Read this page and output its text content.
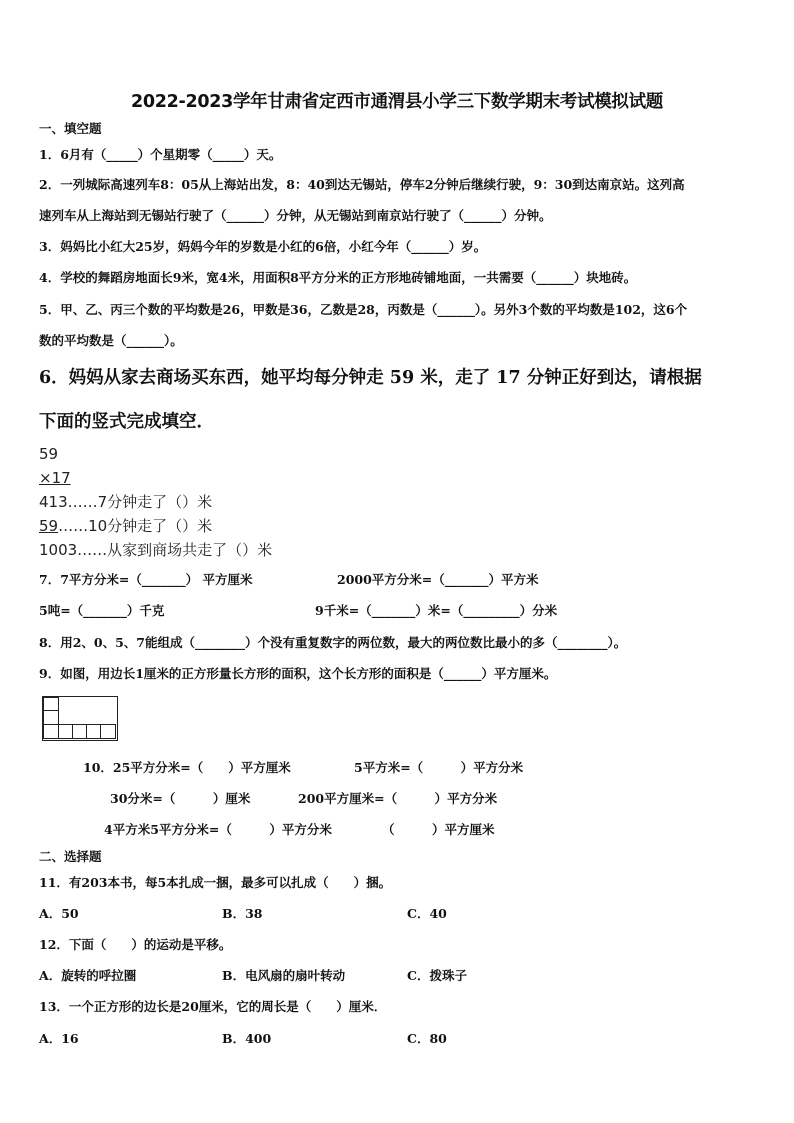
2022-2023学年甘肃省定西市通渭县小学三下数学期末考试模拟试题
一、填空题
1．6月有（_____）个星期零（_____）天。
2．一列城际高速列车8：05从上海站出发，8：40到达无锡站，停车2分钟后继续行驶，9：30到达南京站。这列高
速列车从上海站到无锡站行驶了（______）分钟，从无锡站到南京站行驶了（______）分钟。
3．妈妈比小红大25岁，妈妈今年的岁数是小红的6倍，小红今年（______）岁。
4．学校的舞蹈房地面长9米，宽4米，用面积8平方分米的正方形地砖铺地面，一共需要（______）块地砖。
5．甲、乙、丙三个数的平均数是26，甲数是36，乙数是28，丙数是（______）。另外3个数的平均数是102，这6个
数的平均数是（______）。
6．妈妈从家去商场买东西，她平均每分钟走 59 米，走了 17 分钟正好到达，请根据
下面的竖式完成填空．
59
×17
413……7分钟走了（）米
59……10分钟走了（）米
1003……从家到商场共走了（）米
7．7平方分米=（_______） 平方厘米	2000平方分米=（_______）平方米
5吨=（_______）千克	9千米=（_______）米=（_________）分米
8．用2、0、5、7能组成（________）个没有重复数字的两位数，最大的两位数比最小的多（________）。
9．如图，用边长1厘米的正方形量长方形的面积，这个长方形的面积是（______）平方厘米。
10．25平方分米=（　　）平方厘米	5平方米=（　　　）平方分米
30分米=（　　　）厘米	200平方厘米=（　　　）平方分米
4平方米5平方分米=（　　　）平方分米	（　　　）平方厘米
二、选择题
11．有203本书，每5本扎成一捆，最多可以扎成（　　）捆。
A．50	B．38	C．40
12．下面（　　）的运动是平移。
A．旋转的呼拉圈	B．电风扇的扇叶转动	C．拨珠子
13．一个正方形的边长是20厘米，它的周长是（　　）厘米．
A．16	B．400	C．80
